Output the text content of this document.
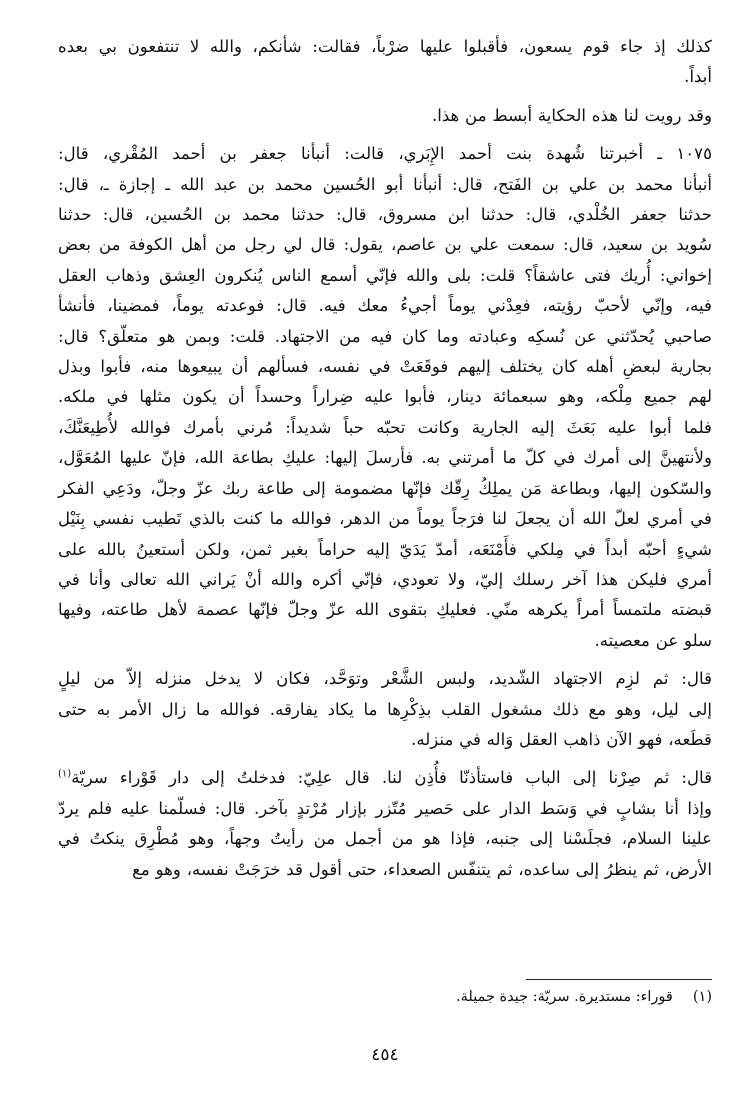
كذلك إذ جاء قوم يسعون، فأقبلوا عليها ضرْباً، فقالت: شأنكم، والله لا تنتفعون بي بعده
أبداً.

وقد رويت لنا هذه الحكاية أبسط من هذا.

١٠٧٥ ـ أخبرتنا شُهدة بنت أحمد الإِبَري، قالت: أنبأنا جعفر بن أحمد المُقْري، قال:
أنبأنا محمد بن علي بن الفَتح، قال: أنبأنا أبو الحُسين محمد بن عبد الله ـ إجازة ـ، قال:
حدثنا جعفر الخُلْدي، قال: حدثنا ابن مسروق، قال: حدثنا محمد بن الحُسين، قال: حدثنا
سُويد بن سعيد، قال: سمعت علي بن عاصم، يقول: قال لي رجل من أهل الكوفة من بعض
إخواني: أُريك فتى عاشقاً؟ قلت: بلى والله فإنّي أسمع الناس يُنكرون العِشق وذهاب العقل
فيه، وإنّي لأحبّ رؤيته، فعِدْني يوماً أجيءُ معك فيه. قال: فوعدته يوماً، فمضينا، فأنشأ
صاحبي يُحدّثني عن نُسكِه وعبادته وما كان فيه من الاجتهاد. قلت: وبمن هو متعلّق؟ قال:
بجارية لبعضِ أهله كان يختلف إليهم فوقَعَتْ في نفسه، فسألهم أن يبيعوها منه، فأبوا وبذل
لهم جميع مِلْكه، وهو سبعمائة دينار، فأبوا عليه ضِراراً وحسداً أن يكون مثلها في ملكه.
فلما أبوا عليه بَعَثَ إليه الجارية وكانت تحبّه حباً شديداً: مُرني بأمرك فوالله لأُطِيعَنَّكَ،
ولأنتهينَّ إلى أمرك في كلّ ما أمرتني به. فأرسلَ إليها: عليكِ بطاعة الله، فإنّ عليها المُعَوَّل،
والسّكون إليها، وبطاعة مَن يملِكُ رِقّك فإنّها مضمومة إلى طاعة ربك عزّ وجلّ، ودَعِي الفكر
في أمري لعلّ الله أن يجعلَ لنا فرَجاً يوماً من الدهر، فوالله ما كنت بالذي تَطيب نفسي بِنَيْل
شيءٍ أحبّه أبداً في مِلكي فأَمْنَعَه، أمدّ يَدَيّ إليه حراماً بغير ثمن، ولكن أستعينُ بالله على
أمري فليكن هذا آخر رسلك إليّ، ولا تعودي، فإنّي أكره والله أنْ يَراني الله تعالى وأنا في
قبضته ملتمساً أمراً يكرهه منّي. فعليكِ بتقوى الله عزّ وجلّ فإنّها عصمة لأهل طاعته، وفيها
سلو عن معصيته.

قال: ثم لزِم الاجتهاد الشّديد، ولبس الشَّعْر وتوَحَّد، فكان لا يدخل منزله إلاّ من ليلٍ
إلى ليل، وهو مع ذلك مشغول القلب بذِكْرِها ما يكاد يفارقه. فوالله ما زال الأمر به حتى
قطَعه، فهو الآن ذاهب العقل وَاله في منزله.

قال: ثم صِرْنا إلى الباب فاستأذنّا فأُذِن لنا. قال علِيّ: فدخلتُ إلى دار قَوْراء سريّة$^{(١)}$
وإذا أنا بشابٍ في وَسَط الدار على حَصير مُتّزر بإزار مُرْتدٍ بآخر. قال: فسلّمنا عليه فلم يردّ
علينا السلام، فجلَسْنا إلى جنبه، فإذا هو من أجمل من رأيتُ وجهاً، وهو مُطْرِق ينكتُ في
الأرض، ثم ينظرُ إلى ساعده، ثم يتنفّس الصعداء، حتى أقول قد خرَجَتْ نفسه، وهو مع

(١)قوراء: مستديرة. سريّة: جيدة جميلة.
٤٥٤
